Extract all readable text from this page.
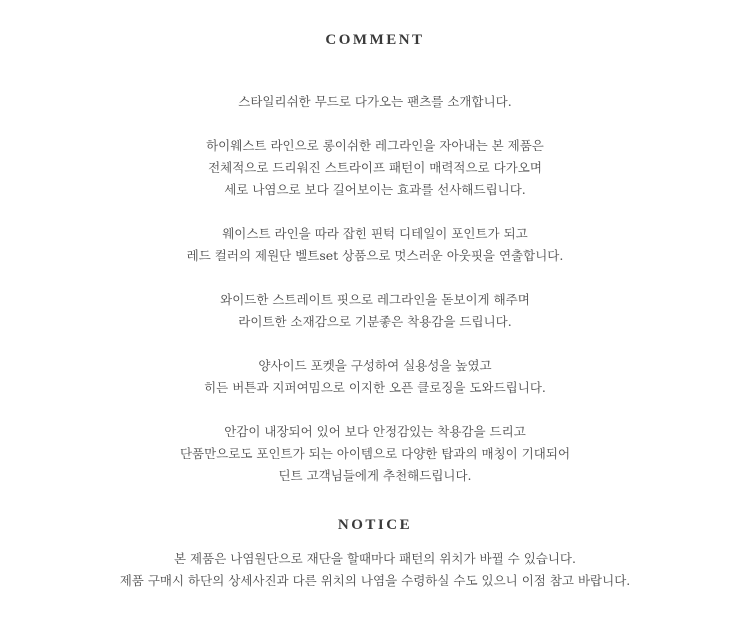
COMMENT

스타일리쉬한 무드로 다가오는 팬츠를 소개합니다.

하이웨스트 라인으로 롱이쉬한 레그라인을 자아내는 본 제품은
전체적으로 드리워진 스트라이프 패턴이 매력적으로 다가오며
세로 나염으로 보다 길어보이는 효과를 선사해드립니다.

웨이스트 라인을 따라 잡힌 핀턱 디테일이 포인트가 되고
레드 컬러의 제원단 벨트set 상품으로 멋스러운 아웃핏을 연출합니다.

와이드한 스트레이트 핏으로 레그라인을 돋보이게 해주며
라이트한 소재감으로 기분좋은 착용감을 드립니다.

양사이드 포켓을 구성하여 실용성을 높였고
히든 버튼과 지퍼여밈으로 이지한 오픈 클로징을 도와드립니다.

안감이 내장되어 있어 보다 안정감있는 착용감을 드리고
단품만으로도 포인트가 되는 아이템으로 다양한 탑과의 매칭이 기대되어
딘트 고객님들에게 추천해드립니다.

NOTICE
본 제품은 나염원단으로 재단을 할때마다 패턴의 위치가 바뀔 수 있습니다.
제품 구매시 하단의 상세사진과 다른 위치의 나염을 수령하실 수도 있으니 이점 참고 바랍니다.
